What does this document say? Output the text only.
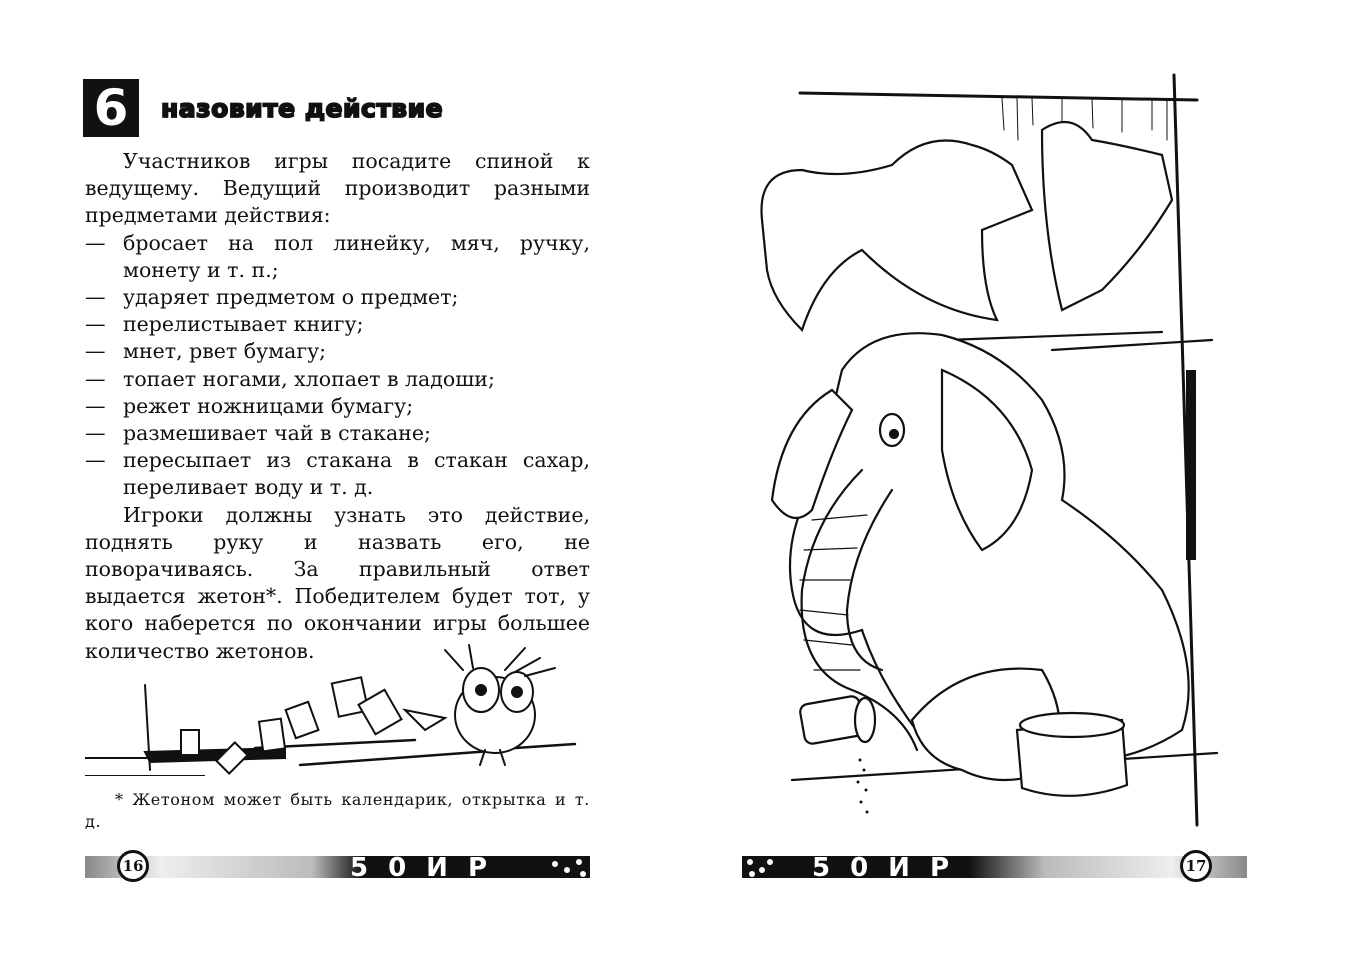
6	назовите действие

Участников игры посадите спиной к ведущему. Ведущий производит разными предметами действия:

— бросает на пол линейку, мяч, ручку, монету и т. п.;
— ударяет предметом о предмет;
— перелистывает книгу;
— мнет, рвет бумагу;
— топает ногами, хлопает в ладоши;
— режет ножницами бумагу;
— размешивает чай в стакане;
— пересыпает из стакана в стакан сахар, переливает воду и т. д.

Игроки должны узнать это действие, поднять руку и назвать его, не поворачиваясь. За правильный ответ выдается жетон*. Победителем будет тот, у кого наберется по окончании игры большее количество жетонов.

* Жетоном может быть календарик, открытка и т. д.
50ИР
16	50ИР	17
